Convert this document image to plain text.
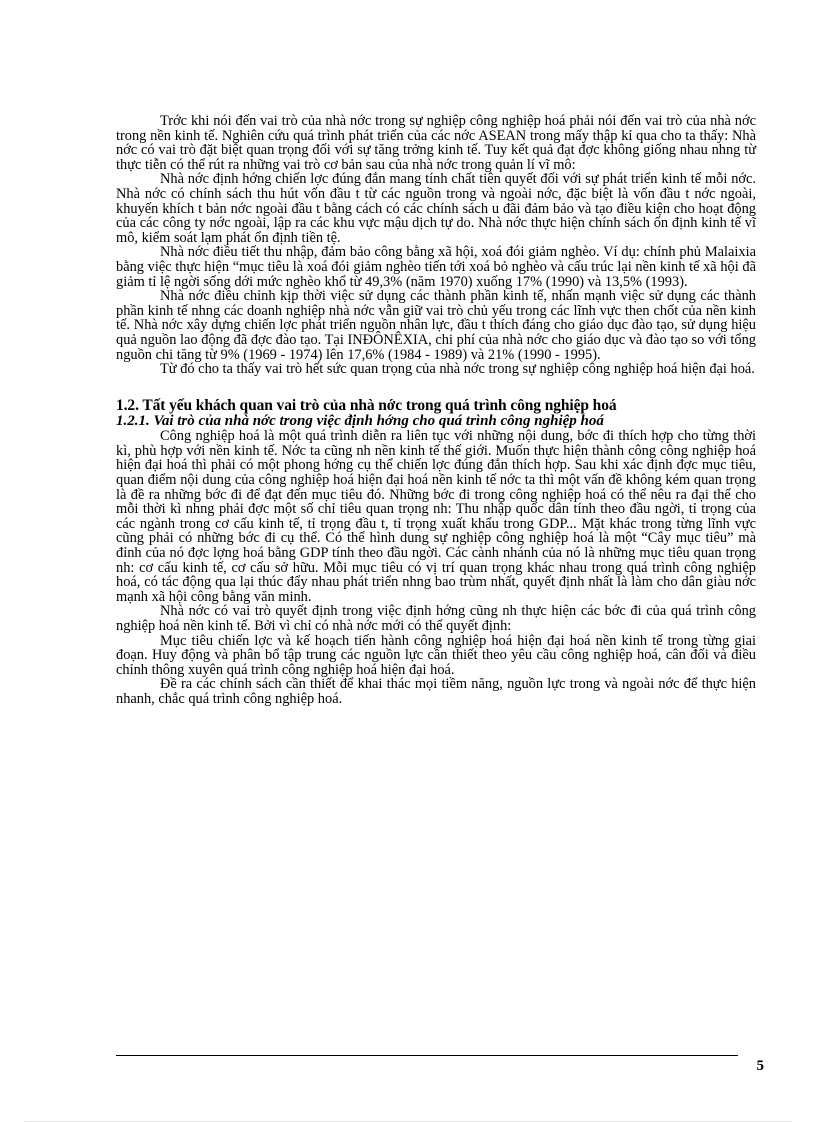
Trớc khi nói đến vai trò của nhà nớc trong sự nghiệp công nghiệp hoá phải nói đến vai trò của nhà nớc trong nền kinh tế. Nghiên cứu quá trình phát triển của các nớc ASEAN trong mấy thập kỉ qua cho ta thấy: Nhà nớc có vai trò đặt biệt quan trọng đối với sự tăng trởng kinh tế. Tuy kết quả đạt đợc không giống nhau nhng từ thực tiễn có thể rút ra những vai trò cơ bản sau của nhà nớc trong quản lí vĩ mô:

Nhà nớc định hớng chiến lợc đúng đắn mang tính chất tiên quyết đối với sự phát triển kinh tế mỗi nớc. Nhà nớc có chính sách thu hút vốn đầu t từ các nguồn trong và ngoài nớc, đặc biệt là vốn đầu t nớc ngoài, khuyến khích t bản nớc ngoài đầu t bằng cách có các chính sách u đãi đảm bảo và tạo điều kiện cho hoạt động của các công ty nớc ngoài, lập ra các khu vực mậu dịch tự do. Nhà nớc thực hiện chính sách ổn định kinh tế vĩ mô, kiểm soát lạm phát ổn định tiền tệ.

Nhà nớc điều tiết thu nhập, đảm bảo công bằng xã hội, xoá đói giảm nghèo. Ví dụ: chính phủ Malaixia bằng việc thực hiện “mục tiêu là xoá đói giảm nghèo tiến tới xoá bỏ nghèo và cấu trúc lại nền kinh tế xã hội đã giảm tỉ lệ ngời sống dới mức nghèo khổ từ 49,3% (năm 1970) xuống 17% (1990) và 13,5% (1993).

Nhà nớc điều chỉnh kịp thời việc sử dụng các thành phần kinh tế, nhấn mạnh việc sử dụng các thành phần kinh tế nhng các doanh nghiệp nhà nớc vẫn giữ vai trò chủ yếu trong các lĩnh vực then chốt của nền kinh tế. Nhà nớc xây dựng chiến lợc phát triển nguồn nhân lực, đầu t thích đáng cho giáo dục đào tạo, sử dụng hiệu quả nguồn lao động đã đợc đào tạo. Tại INĐÔNÊXIA, chi phí của nhà nớc cho giáo dục và đào tạo so với tổng nguồn chi tăng từ 9% (1969 - 1974) lên 17,6% (1984 - 1989) và 21% (1990 - 1995).

Từ đó cho ta thấy vai trò hết sức quan trọng của nhà nớc trong sự nghiệp công nghiệp hoá hiện đại hoá.

1.2. Tất yếu khách quan vai trò của nhà nớc trong quá trình công nghiệp hoá
1.2.1. Vai trò của nhà nớc trong việc định hớng cho quá trình công nghiệp hoá

Công nghiệp hoá là một quá trình diễn ra liên tục với những nội dung, bớc đi thích hợp cho từng thời kì, phù hợp với nền kinh tế. Nớc ta cũng nh nền kinh tế thế giới. Muốn thực hiện thành công công nghiệp hoá hiện đại hoá thì phải có một phong hớng cụ thể chiến lợc đúng đắn thích hợp. Sau khi xác định đợc mục tiêu, quan điểm nội dung của công nghiệp hoá hiện đại hoá nền kinh tế nớc ta thì một vấn đề không kém quan trọng là đề ra những bớc đi để đạt đến mục tiêu đó. Những bớc đi trong công nghiệp hoá có thể nêu ra đại thể cho mỗi thời kì nhng phải đợc một số chỉ tiêu quan trọng nh: Thu nhập quốc dân tính theo đầu ngời, tỉ trọng của các ngành trong cơ cấu kinh tế, tỉ trọng đầu t, tỉ trọng xuất khẩu trong GDP... Mặt khác trong từng lĩnh vực cũng phải có những bớc đi cụ thể. Có thể hình dung sự nghiệp công nghiệp hoá là một “Cây mục tiêu” mà đỉnh của nó đợc lợng hoá bằng GDP tính theo đầu ngời. Các cành nhánh của nó là những mục tiêu quan trọng nh: cơ cấu kinh tế, cơ cấu sở hữu. Mỗi mục tiêu có vị trí quan trọng khác nhau trong quá trình công nghiệp hoá, có tác động qua lại thúc đẩy nhau phát triển nhng bao trùm nhất, quyết định nhất là làm cho dân giàu nớc mạnh xã hội công bằng văn minh.

Nhà nớc có vai trò quyết định trong việc định hớng cũng nh thực hiện các bớc đi của quá trình công nghiệp hoá nền kinh tế. Bởi vì chỉ có nhà nớc mới có thể quyết định:

Mục tiêu chiến lợc và kế hoạch tiến hành công nghiệp hoá hiện đại hoá nền kinh tế trong từng giai đoạn. Huy động và phân bổ tập trung các nguồn lực cần thiết theo yêu cầu công nghiệp hoá, cân đối và điều chỉnh thông xuyên quá trình công nghiệp hoá hiện đại hoá.

Đề ra các chính sách cần thiết để khai thác mọi tiềm năng, nguồn lực trong và ngoài nớc để thực hiện nhanh, chắc quá trình công nghiệp hoá.

5
